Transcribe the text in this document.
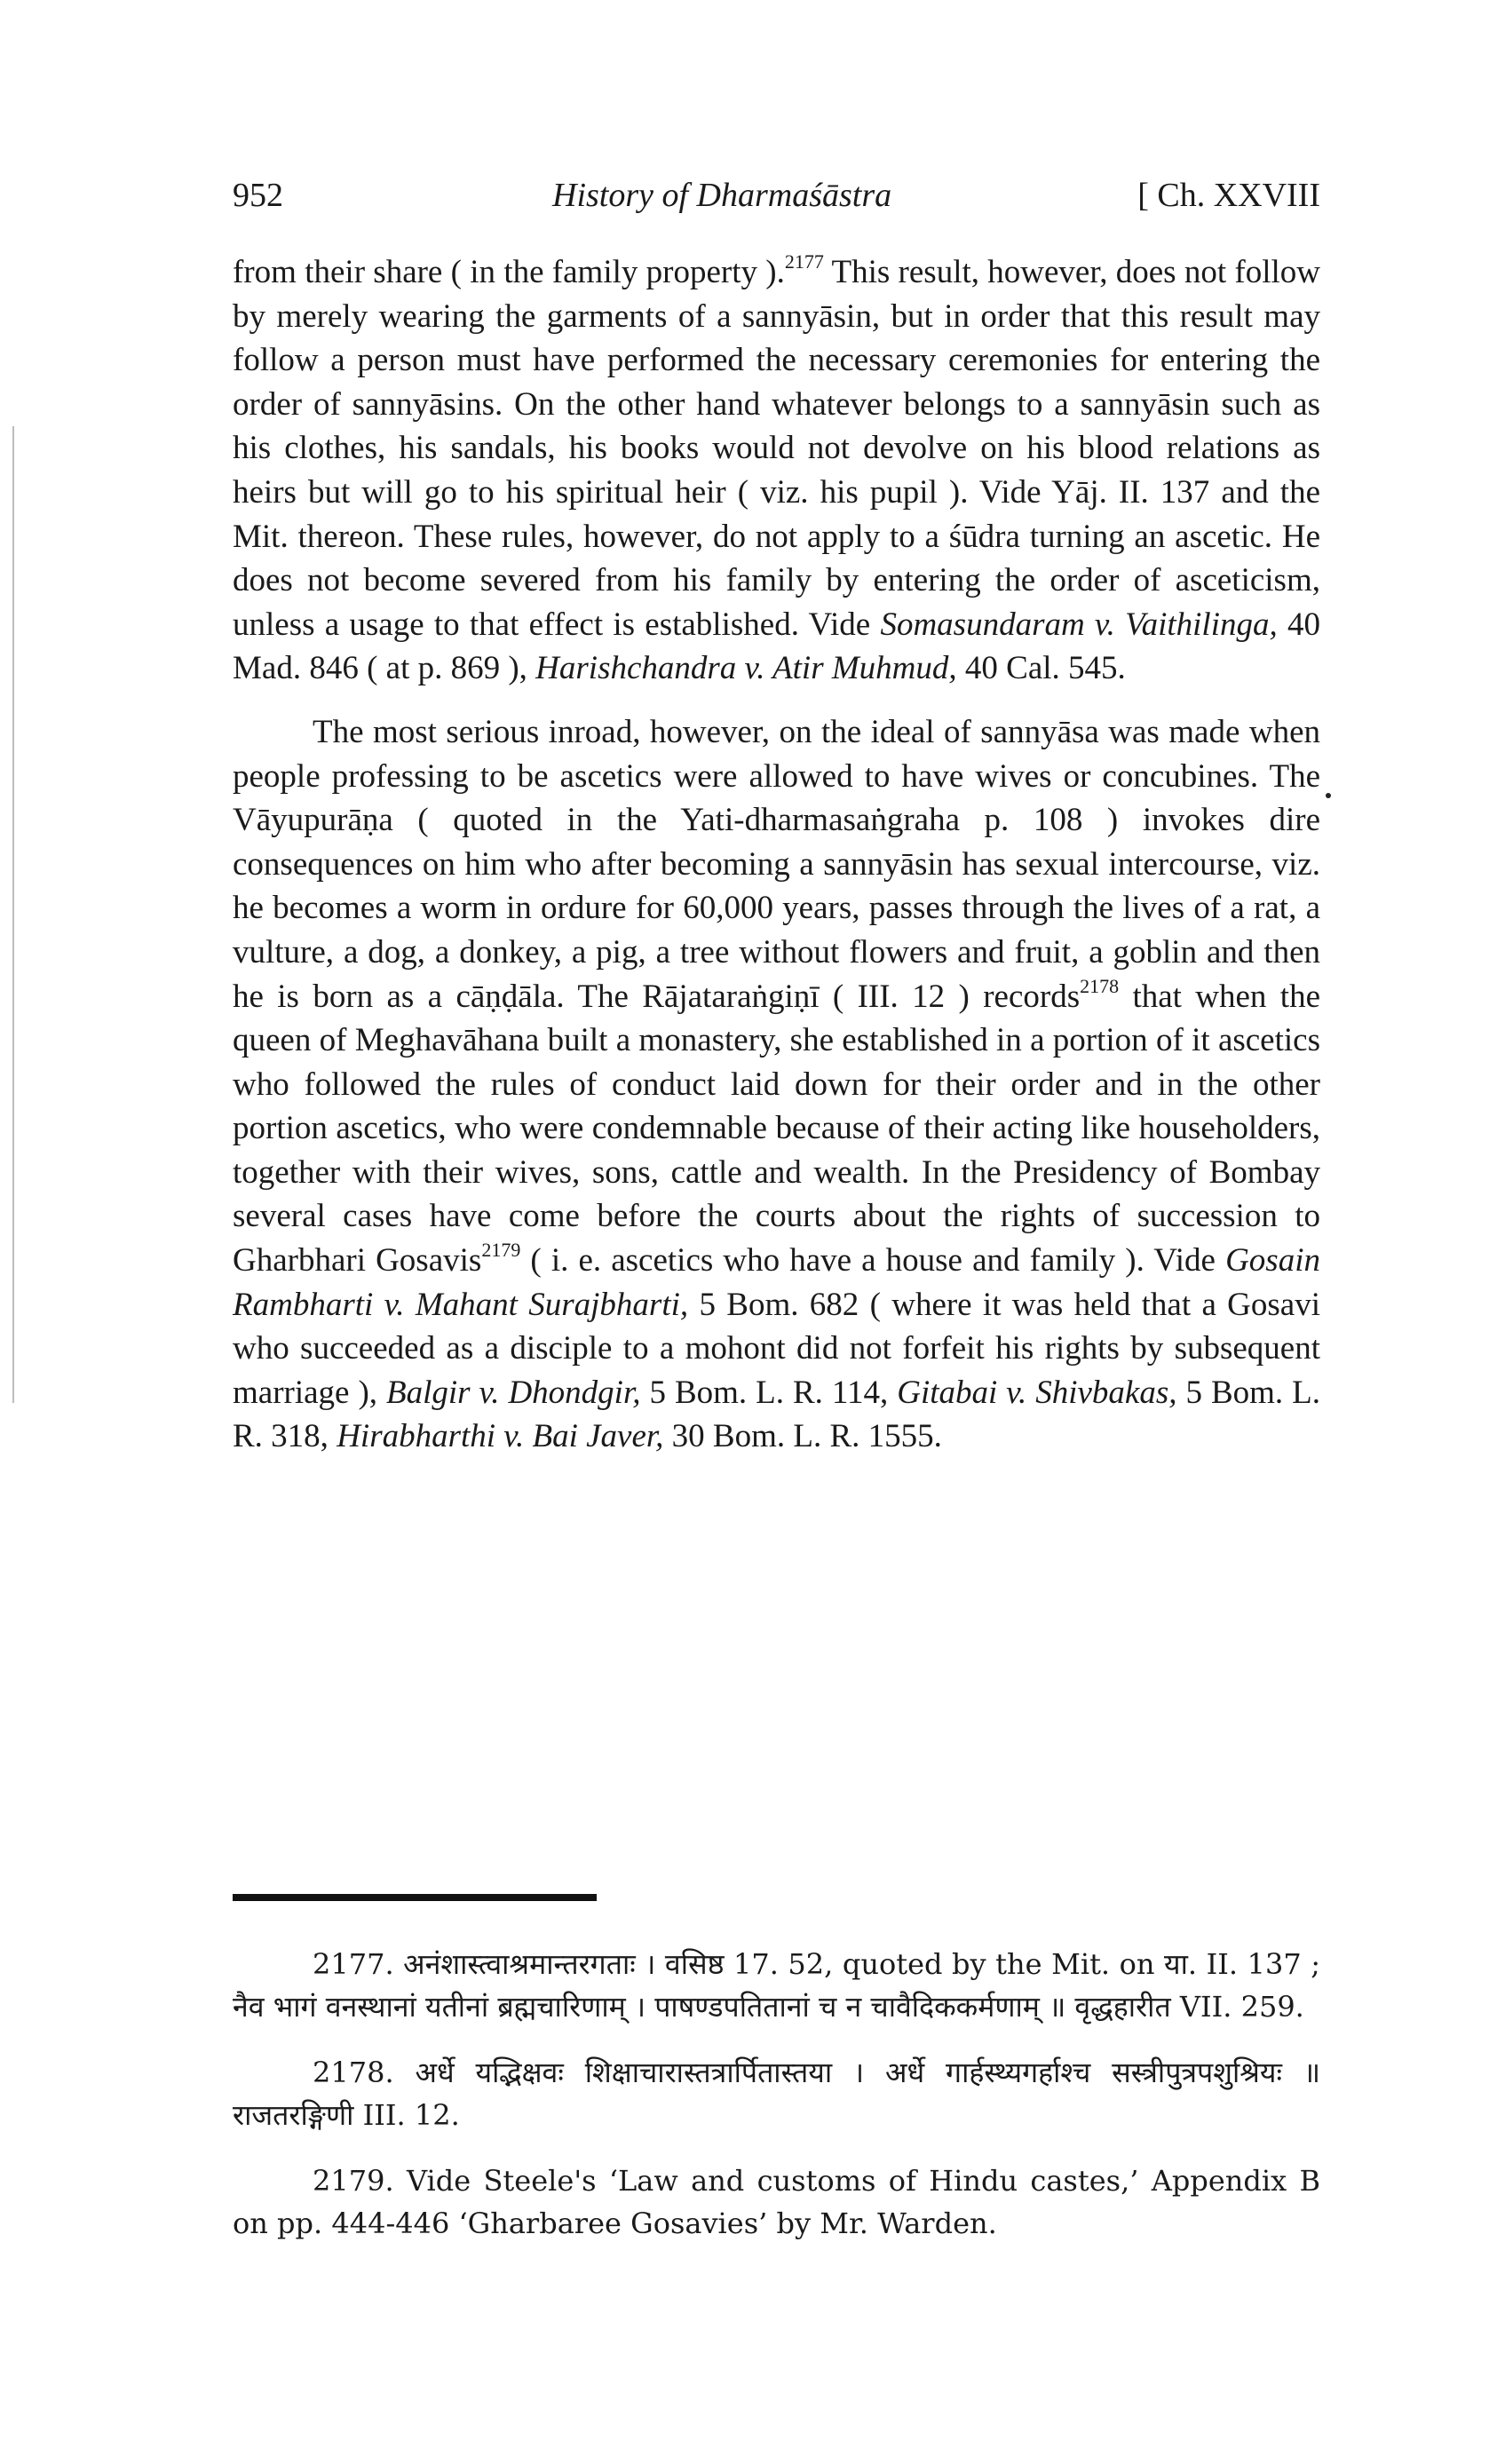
952	History of Dharmaśāstra	[ Ch. XXVIII

from their share ( in the family property ).$^{2177}$ This result, however, does not follow by merely wearing the garments of a sannyāsin, but in order that this result may follow a person must have performed the necessary ceremonies for entering the order of sannyāsins. On the other hand whatever belongs to a sannyāsin such as his clothes, his sandals, his books would not devolve on his blood relations as heirs but will go to his spiritual heir ( viz. his pupil ). Vide Yāj. II. 137 and the Mit. thereon. These rules, however, do not apply to a śūdra turning an ascetic. He does not become severed from his family by entering the order of asceticism, unless a usage to that effect is established. Vide Somasundaram v. Vaithilinga, 40 Mad. 846 ( at p. 869 ), Harishchandra v. Atir Muhmud, 40 Cal. 545.

The most serious inroad, however, on the ideal of sannyāsa was made when people professing to be ascetics were allowed to have wives or concubines. The Vāyupurāṇa ( quoted in the Yati-dharmasaṅgraha p. 108 ) invokes dire consequences on him who after becoming a sannyāsin has sexual intercourse, viz. he becomes a worm in ordure for 60,000 years, passes through the lives of a rat, a vulture, a dog, a donkey, a pig, a tree without flowers and fruit, a goblin and then he is born as a cāṇḍāla. The Rājataraṅgiṇī ( III. 12 ) records$^{2178}$ that when the queen of Meghavāhana built a monastery, she established in a portion of it ascetics who followed the rules of conduct laid down for their order and in the other portion ascetics, who were condemnable because of their acting like householders, together with their wives, sons, cattle and wealth. In the Presidency of Bombay several cases have come before the courts about the rights of succession to Gharbhari Gosavis$^{2179}$ ( i. e. ascetics who have a house and family ). Vide Gosain Rambharti v. Mahant Surajbharti, 5 Bom. 682 ( where it was held that a Gosavi who succeeded as a disciple to a mohont did not forfeit his rights by subsequent marriage ), Balgir v. Dhondgir, 5 Bom. L. R. 114, Gitabai v. Shivbakas, 5 Bom. L. R. 318, Hirabharthi v. Bai Javer, 30 Bom. L. R. 1555.

2177. अनंशास्त्वाश्रमान्तरगताः । वसिष्ठ 17. 52, quoted by the Mit. on या. II. 137 ; नैव भागं वनस्थानां यतीनां ब्रह्मचारिणाम् । पाषण्डपतितानां च न चावैदिककर्मणाम् ॥ वृद्धहारीत VII. 259.

2178. अर्धे यद्भिक्षवः शिक्षाचारास्तत्रार्पितास्तया । अर्धे गार्हस्थ्यगर्हाश्च सस्त्रीपुत्रपशुश्रियः ॥ राजतरङ्गिणी III. 12.

2179. Vide Steele's ‘Law and customs of Hindu castes,’ Appendix B on pp. 444-446 ‘Gharbaree Gosavies’ by Mr. Warden.
